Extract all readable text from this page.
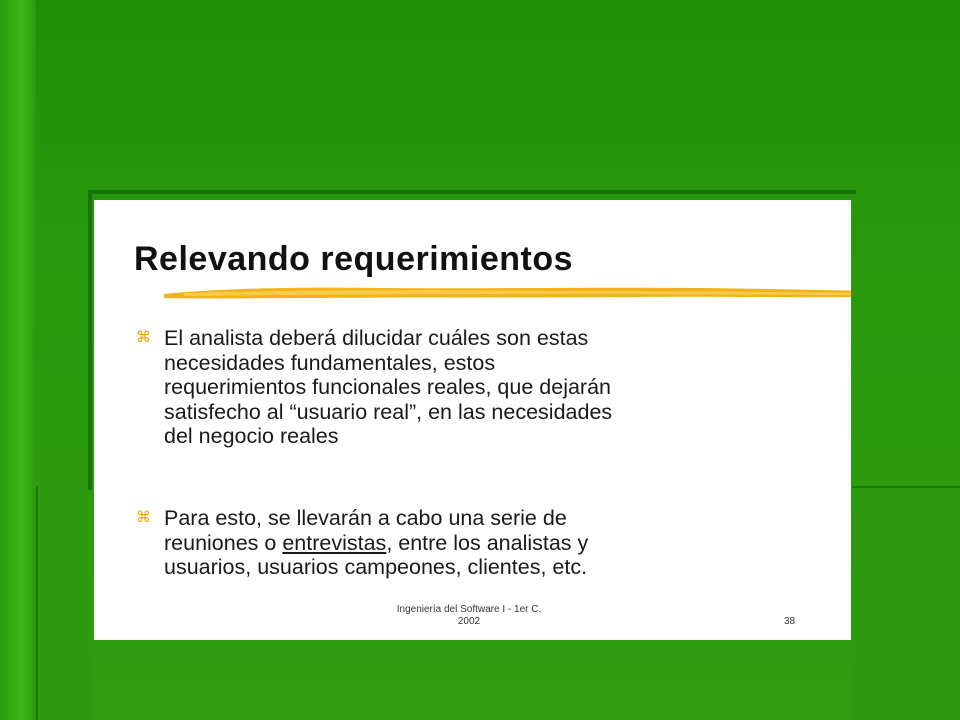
Relevando requerimientos
⌘ El analista deberá dilucidar cuáles son estas
necesidades fundamentales, estos
requerimientos funcionales reales, que dejarán
satisfecho al “usuario real”, en las necesidades
del negocio reales

⌘ Para esto, se llevarán a cabo una serie de
reuniones o entrevistas, entre los analistas y
usuarios, usuarios campeones, clientes, etc.

Ingeniería del Software I - 1er C.
2002	38
